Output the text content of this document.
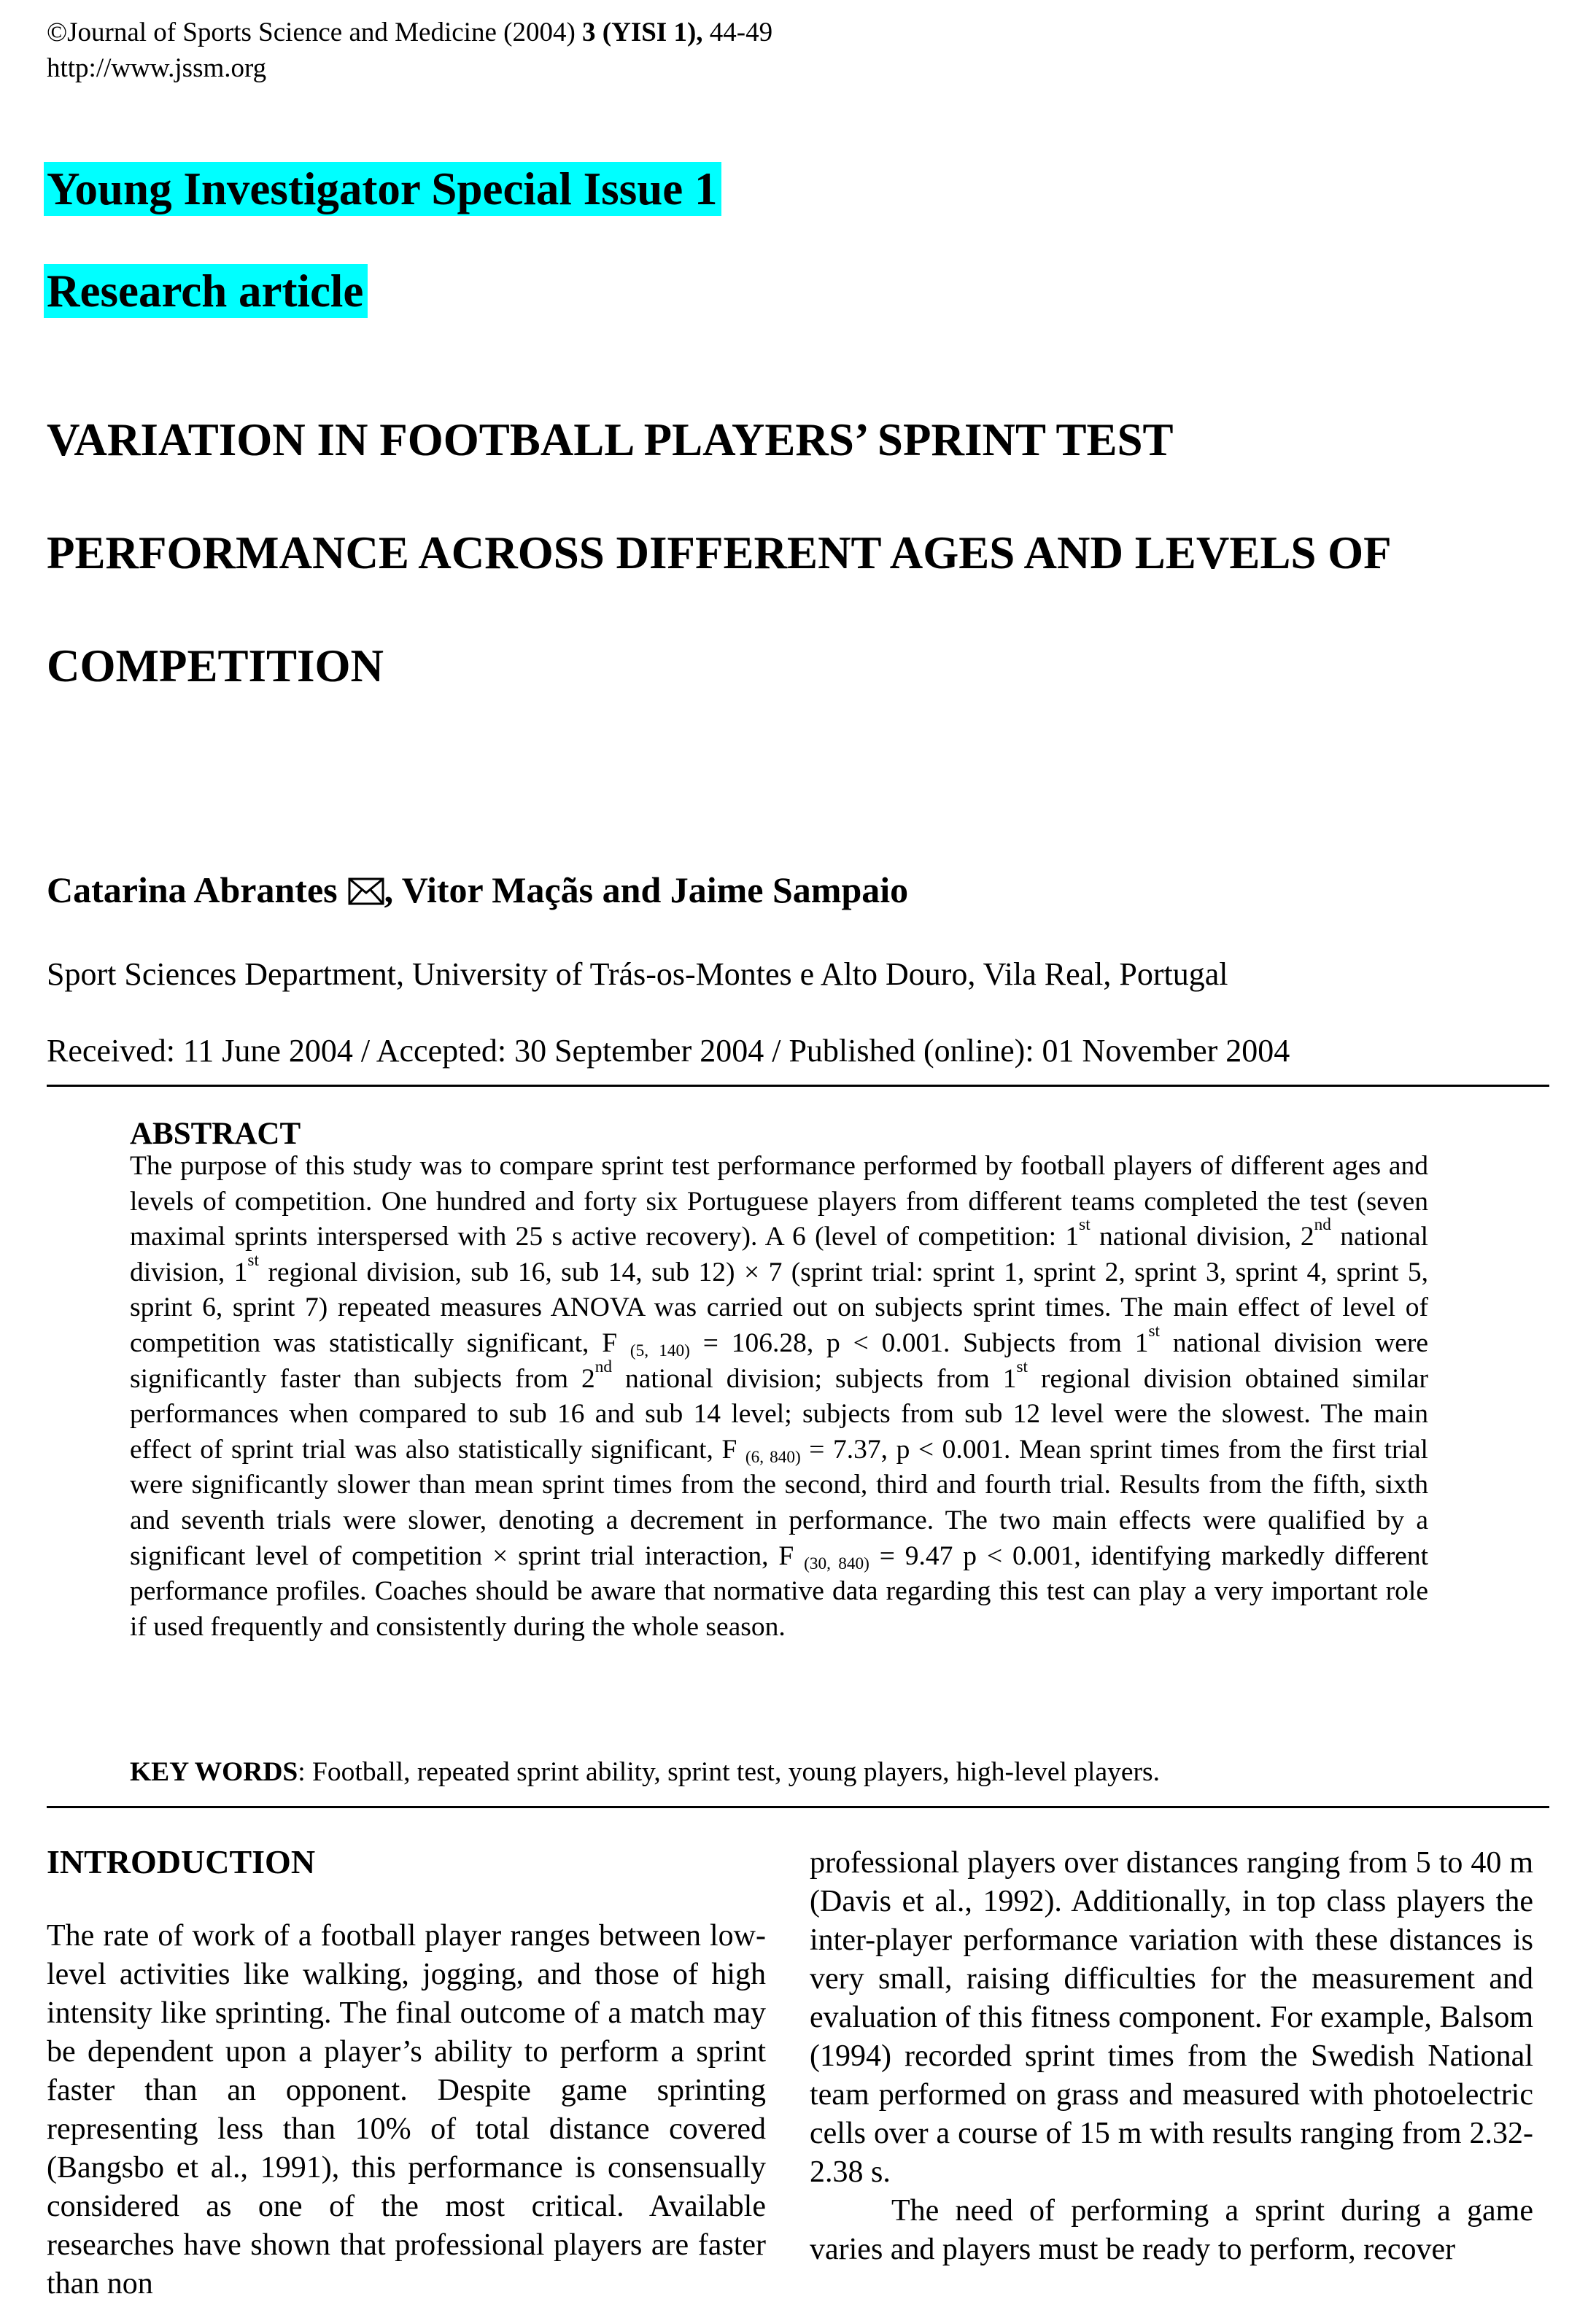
©Journal of Sports Science and Medicine (2004) 3 (YISI 1), 44-49
http://www.jssm.org
Young Investigator Special Issue 1
Research article
VARIATION IN FOOTBALL PLAYERS’ SPRINT TEST
PERFORMANCE ACROSS DIFFERENT AGES AND LEVELS OF
COMPETITION
Catarina Abrantes , Vitor Maçãs and Jaime Sampaio
Sport Sciences Department, University of Trás-os-Montes e Alto Douro, Vila Real, Portugal
Received: 11 June 2004 / Accepted: 30 September 2004 / Published (online): 01 November 2004
ABSTRACT

The purpose of this study was to compare sprint test performance performed by football players of different ages and levels of competition. One hundred and forty six Portuguese players from different teams completed the test (seven maximal sprints interspersed with 25 s active recovery). A 6 (level of competition: 1st national division, 2nd national division, 1st regional division, sub 16, sub 14, sub 12) × 7 (sprint trial: sprint 1, sprint 2, sprint 3, sprint 4, sprint 5, sprint 6, sprint 7) repeated measures ANOVA was carried out on subjects sprint times. The main effect of level of competition was statistically significant, F $_{(5, 140)}$ = 106.28, p < 0.001. Subjects from 1st national division were significantly faster than subjects from 2nd national division; subjects from 1st regional division obtained similar performances when compared to sub 16 and sub 14 level; subjects from sub 12 level were the slowest. The main effect of sprint trial was also statistically significant, F $_{(6, 840)}$ = 7.37, p < 0.001. Mean sprint times from the first trial were significantly slower than mean sprint times from the second, third and fourth trial. Results from the fifth, sixth and seventh trials were slower, denoting a decrement in performance. The two main effects were qualified by a significant level of competition × sprint trial interaction, F $_{(30, 840)}$ = 9.47 p < 0.001, identifying markedly different performance profiles. Coaches should be aware that normative data regarding this test can play a very important role if used frequently and consistently during the whole season.

KEY WORDS: Football, repeated sprint ability, sprint test, young players, high-level players.
INTRODUCTION

The rate of work of a football player ranges between low-level activities like walking, jogging, and those of high intensity like sprinting. The final outcome of a match may be dependent upon a player’s ability to perform a sprint faster than an opponent. Despite game sprinting representing less than 10% of total distance covered (Bangsbo et al., 1991), this performance is consensually considered as one of the most critical. Available researches have shown that professional players are faster than non

professional players over distances ranging from 5 to 40 m (Davis et al., 1992). Additionally, in top class players the inter-player performance variation with these distances is very small, raising difficulties for the measurement and evaluation of this fitness component. For example, Balsom (1994) recorded sprint times from the Swedish National team performed on grass and measured with photoelectric cells over a course of 15 m with results ranging from 2.32-2.38 s.

The need of performing a sprint during a game varies and players must be ready to perform, recover
